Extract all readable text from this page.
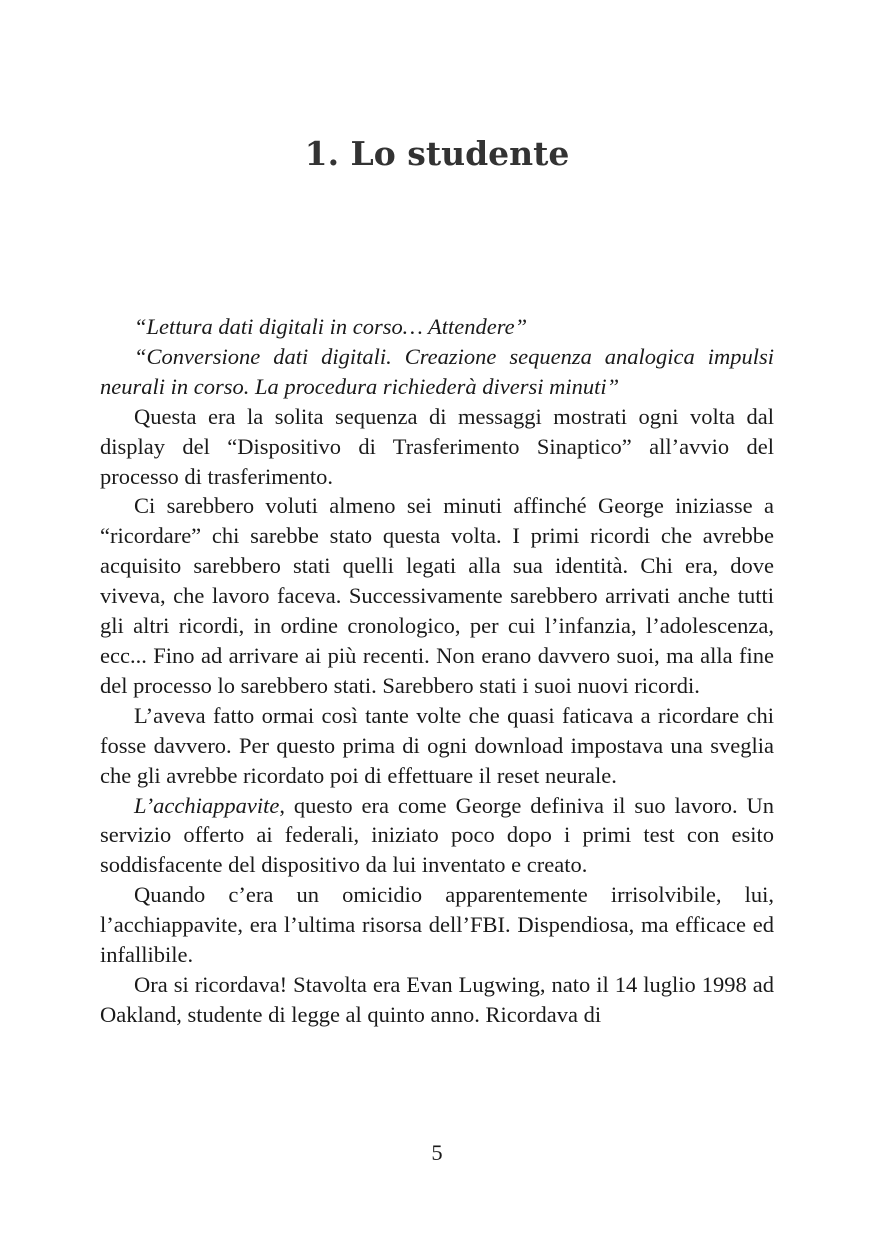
1. Lo studente

“Lettura dati digitali in corso… Attendere”

“Conversione dati digitali. Creazione sequenza analogica impulsi neurali in corso. La procedura richiederà diversi minuti”

Questa era la solita sequenza di messaggi mostrati ogni volta dal display del “Dispositivo di Trasferimento Sinaptico” all’avvio del processo di trasferimento.

Ci sarebbero voluti almeno sei minuti affinché George iniziasse a “ricordare” chi sarebbe stato questa volta. I primi ricordi che avrebbe acquisito sarebbero stati quelli legati alla sua identità. Chi era, dove viveva, che lavoro faceva. Successivamente sarebbero arrivati anche tutti gli altri ricordi, in ordine cronologico, per cui l’infanzia, l’adolescenza, ecc... Fino ad arrivare ai più recenti. Non erano davvero suoi, ma alla fine del processo lo sarebbero stati. Sarebbero stati i suoi nuovi ricordi.

L’aveva fatto ormai così tante volte che quasi faticava a ricordare chi fosse davvero. Per questo prima di ogni download impostava una sveglia che gli avrebbe ricordato poi di effettuare il reset neurale.

L’acchiappavite, questo era come George definiva il suo lavoro. Un servizio offerto ai federali, iniziato poco dopo i primi test con esito soddisfacente del dispositivo da lui inventato e creato.

Quando c’era un omicidio apparentemente irrisolvibile, lui, l’acchiappavite, era l’ultima risorsa dell’FBI. Dispendiosa, ma efficace ed infallibile.

Ora si ricordava! Stavolta era Evan Lugwing, nato il 14 luglio 1998 ad Oakland, studente di legge al quinto anno. Ricordava di

5
